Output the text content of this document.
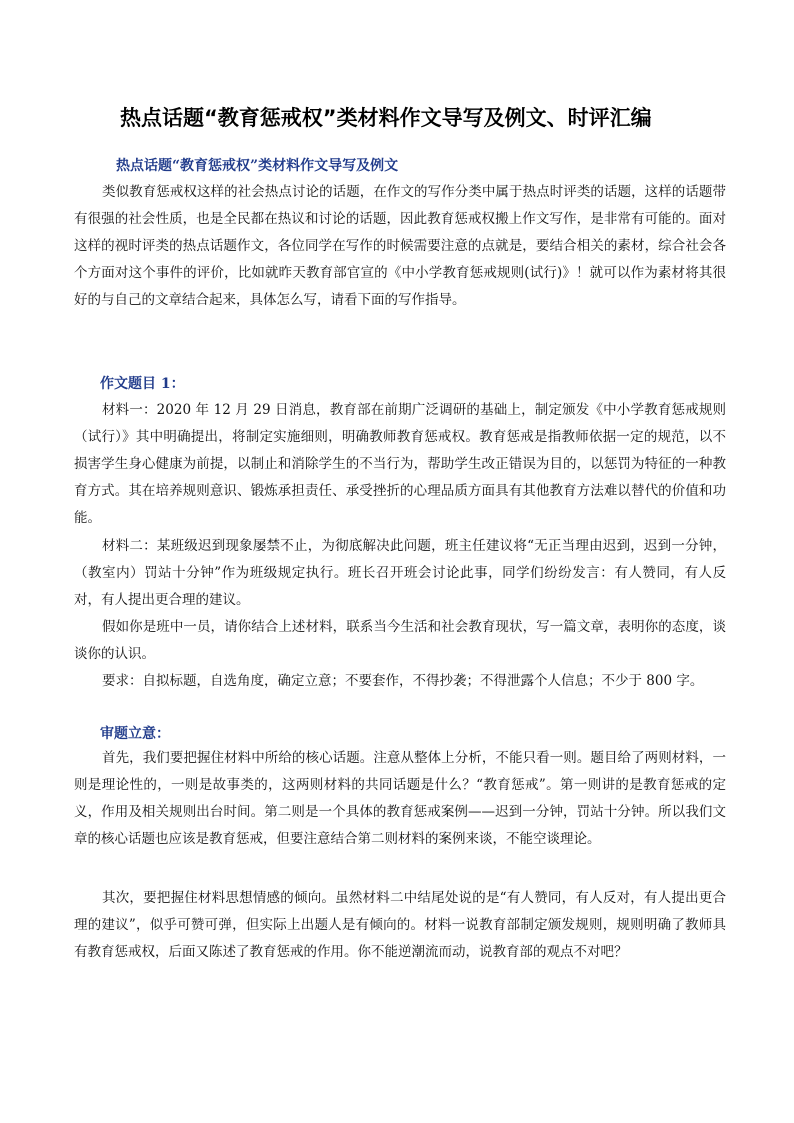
热点话题“教育惩戒权”类材料作文导写及例文、时评汇编
热点话题“教育惩戒权”类材料作文导写及例文

类似教育惩戒权这样的社会热点讨论的话题，在作文的写作分类中属于热点时评类的话题，这样的话题带有很强的社会性质，也是全民都在热议和讨论的话题，因此教育惩戒权搬上作文写作，是非常有可能的。面对这样的视时评类的热点话题作文，各位同学在写作的时候需要注意的点就是，要结合相关的素材，综合社会各个方面对这个事件的评价，比如就昨天教育部官宣的《中小学教育惩戒规则(试行)》！就可以作为素材将其很好的与自己的文章结合起来，具体怎么写，请看下面的写作指导。

作文题目 1：

材料一：2020 年 12 月 29 日消息，教育部在前期广泛调研的基础上，制定颁发《中小学教育惩戒规则（试行）》其中明确提出，将制定实施细则，明确教师教育惩戒权。教育惩戒是指教师依据一定的规范，以不损害学生身心健康为前提，以制止和消除学生的不当行为，帮助学生改正错误为目的，以惩罚为特征的一种教育方式。其在培养规则意识、锻炼承担责任、承受挫折的心理品质方面具有其他教育方法难以替代的价值和功能。

材料二：某班级迟到现象屡禁不止，为彻底解决此问题，班主任建议将“无正当理由迟到，迟到一分钟，（教室内）罚站十分钟”作为班级规定执行。班长召开班会讨论此事，同学们纷纷发言：有人赞同，有人反对，有人提出更合理的建议。

假如你是班中一员，请你结合上述材料，联系当今生活和社会教育现状，写一篇文章，表明你的态度，谈谈你的认识。

要求：自拟标题，自选角度，确定立意；不要套作，不得抄袭；不得泄露个人信息；不少于 800 字。

审题立意：

首先，我们要把握住材料中所给的核心话题。注意从整体上分析，不能只看一则。题目给了两则材料，一则是理论性的，一则是故事类的，这两则材料的共同话题是什么？“教育惩戒”。第一则讲的是教育惩戒的定义，作用及相关规则出台时间。第二则是一个具体的教育惩戒案例——迟到一分钟，罚站十分钟。所以我们文章的核心话题也应该是教育惩戒，但要注意结合第二则材料的案例来谈，不能空谈理论。

其次，要把握住材料思想情感的倾向。虽然材料二中结尾处说的是“有人赞同，有人反对，有人提出更合理的建议”，似乎可赞可弹，但实际上出题人是有倾向的。材料一说教育部制定颁发规则，规则明确了教师具有教育惩戒权，后面又陈述了教育惩戒的作用。你不能逆潮流而动，说教育部的观点不对吧？
